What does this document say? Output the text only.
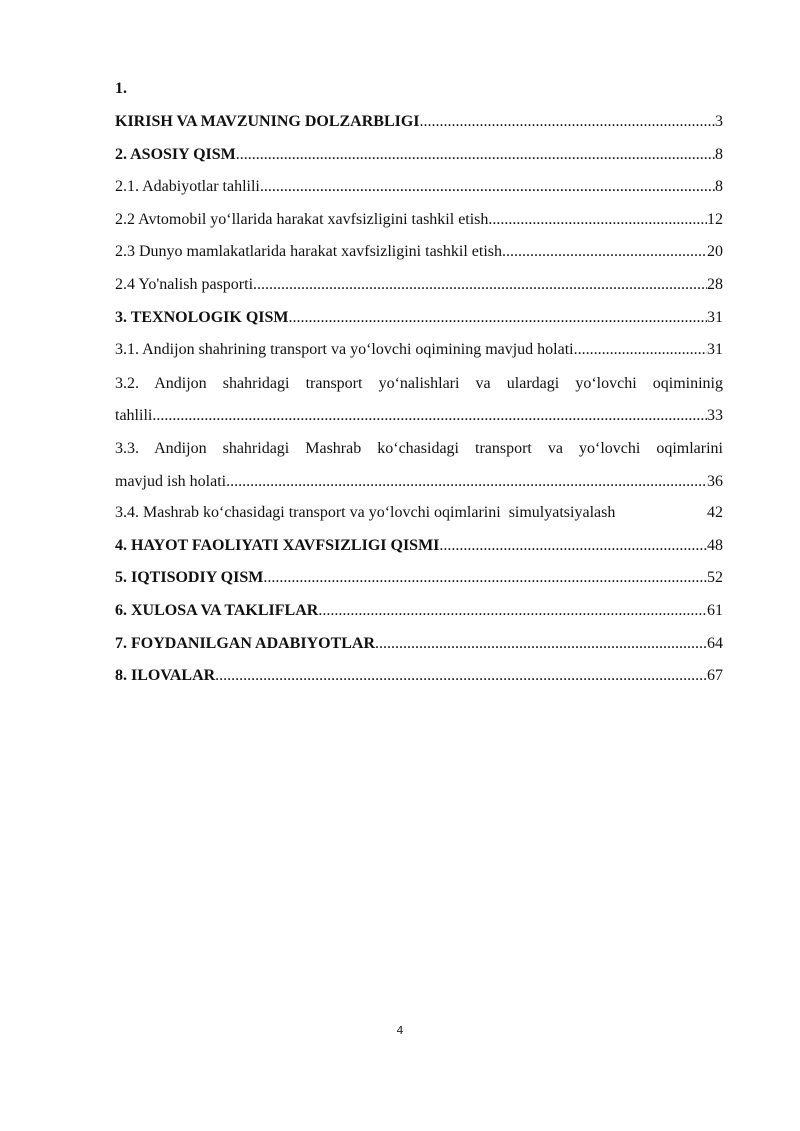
1.
KIRISH VA MAVZUNING DOLZARBLIGI .....	3
2. ASOSIY QISM .....	8
2.1. Adabiyotlar tahlili .....	8
2.2 Avtomobil yo‘llarida harakat xavfsizligini tashkil etish .....	12
2.3 Dunyo mamlakatlarida harakat xavfsizligini tashkil etish .....	20
2.4 Yo'nalish pasporti .....	28
3. TEXNOLOGIK QISM .....	31
3.1. Andijon shahrining transport va yo‘lovchi oqimining mavjud holati .....	31
3.2. Andijon shahridagi transport yo‘nalishlari va ulardagi yo‘lovchi oqimininig
tahlili .....	33
3.3. Andijon shahridagi Mashrab ko‘chasidagi transport va yo‘lovchi oqimlarini
mavjud ish holati .....	36
3.4. Mashrab ko‘chasidagi transport va yo‘lovchi oqimlarini  simulyatsiyalash	42
4. HAYOT FAOLIYATI XAVFSIZLIGI QISMI .....	48
5. IQTISODIY QISM .....	52
6. XULOSA VA TAKLIFLAR .....	61
7. FOYDANILGAN ADABIYOTLAR .....	64
8. ILOVALAR .....	67
4
